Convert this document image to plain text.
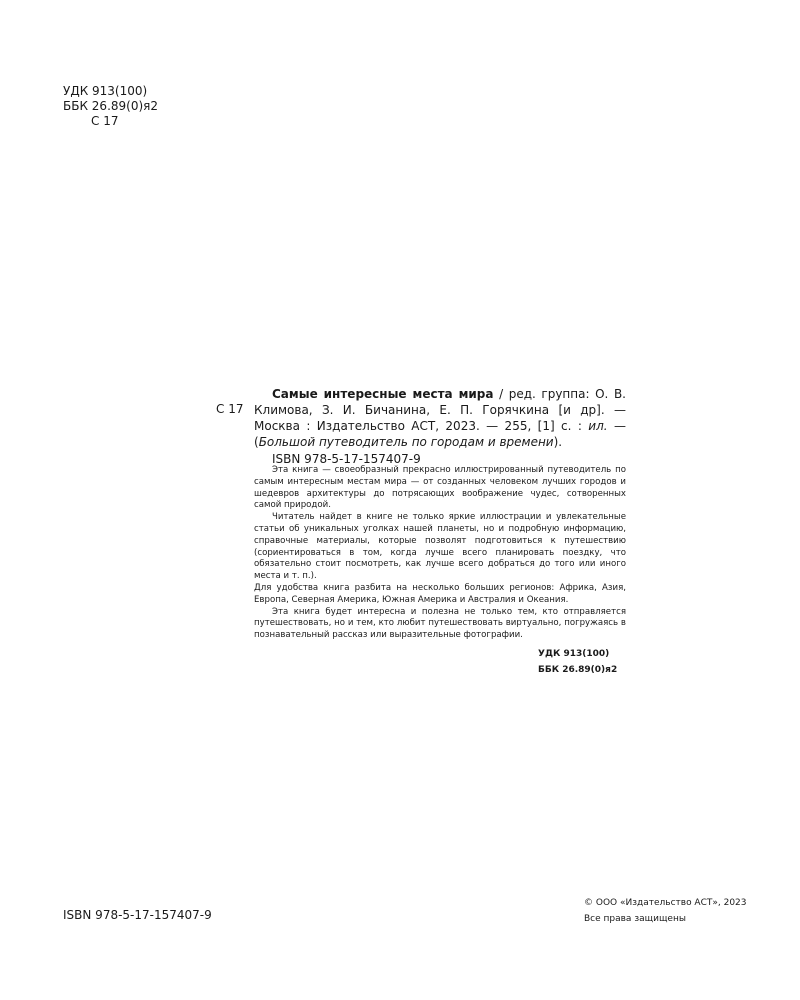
УДК 913(100)
ББК 26.89(0)я2
С 17
С 17

Самые интересные места мира / ред. группа: О. В. Климова, З. И. Бичанина, Е. П. Горячкина [и др]. — Москва : Издательство АСТ, 2023. — 255, [1] с. : ил. — (Большой путеводитель по городам и времени).

ISBN 978-5-17-157407-9

Эта книга — своеобразный прекрасно иллюстрированный путеводитель по самым интересным местам мира — от созданных человеком лучших городов и шедевров архитектуры до потрясающих воображение чудес, сотворенных самой природой.

Читатель найдет в книге не только яркие иллюстрации и увлекательные статьи об уникальных уголках нашей планеты, но и подробную информацию, справочные материалы, которые позволят подготовиться к путешествию (сориентироваться в том, когда лучше всего планировать поездку, что обязательно стоит посмотреть, как лучше всего добраться до того или иного места и т. п.).

Для удобства книга разбита на несколько больших регионов: Африка, Азия, Европа, Северная Америка, Южная Америка и Австралия и Океания.

Эта книга будет интересна и полезна не только тем, кто отправляется путешествовать, но и тем, кто любит путешествовать виртуально, погружаясь в познавательный рассказ или выразительные фотографии.

УДК 913(100)
ББК 26.89(0)я2
ISBN 978-5-17-157407-9
© ООО «Издательство АСТ», 2023
Все права защищены
